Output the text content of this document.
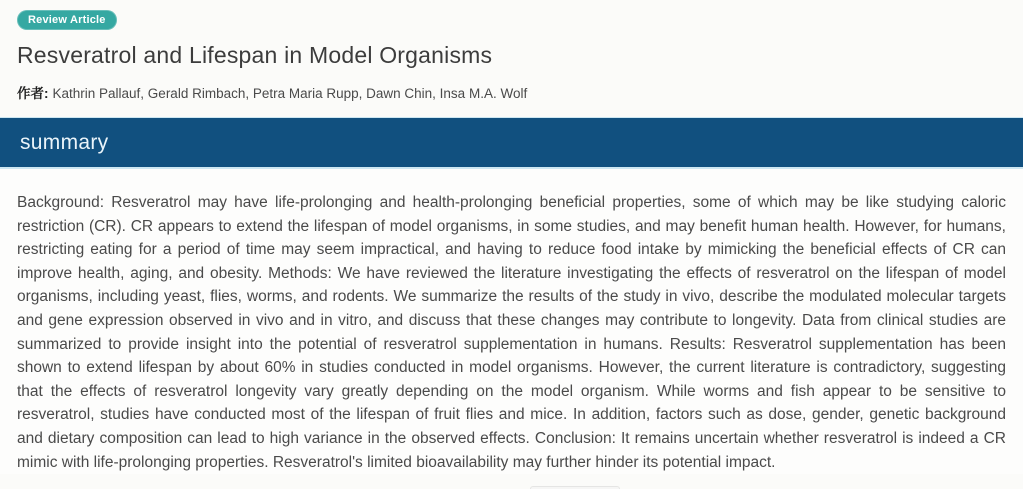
Review Article
Resveratrol and Lifespan in Model Organisms

作者: Kathrin Pallauf, Gerald Rimbach, Petra Maria Rupp, Dawn Chin, Insa M.A. Wolf

summary
Background: Resveratrol may have life-prolonging and health-prolonging beneficial properties, some of which may be like studying caloric restriction (CR). CR appears to extend the lifespan of model organisms, in some studies, and may benefit human health. However, for humans, restricting eating for a period of time may seem impractical, and having to reduce food intake by mimicking the beneficial effects of CR can improve health, aging, and obesity. Methods: We have reviewed the literature investigating the effects of resveratrol on the lifespan of model organisms, including yeast, flies, worms, and rodents. We summarize the results of the study in vivo, describe the modulated molecular targets and gene expression observed in vivo and in vitro, and discuss that these changes may contribute to longevity. Data from clinical studies are summarized to provide insight into the potential of resveratrol supplementation in humans. Results: Resveratrol supplementation has been shown to extend lifespan by about 60% in studies conducted in model organisms. However, the current literature is contradictory, suggesting that the effects of resveratrol longevity vary greatly depending on the model organism. While worms and fish appear to be sensitive to resveratrol, studies have conducted most of the lifespan of fruit flies and mice. In addition, factors such as dose, gender, genetic background and dietary composition can lead to high variance in the observed effects. Conclusion: It remains uncertain whether resveratrol is indeed a CR mimic with life-prolonging properties. Resveratrol's limited bioavailability may further hinder its potential impact.
